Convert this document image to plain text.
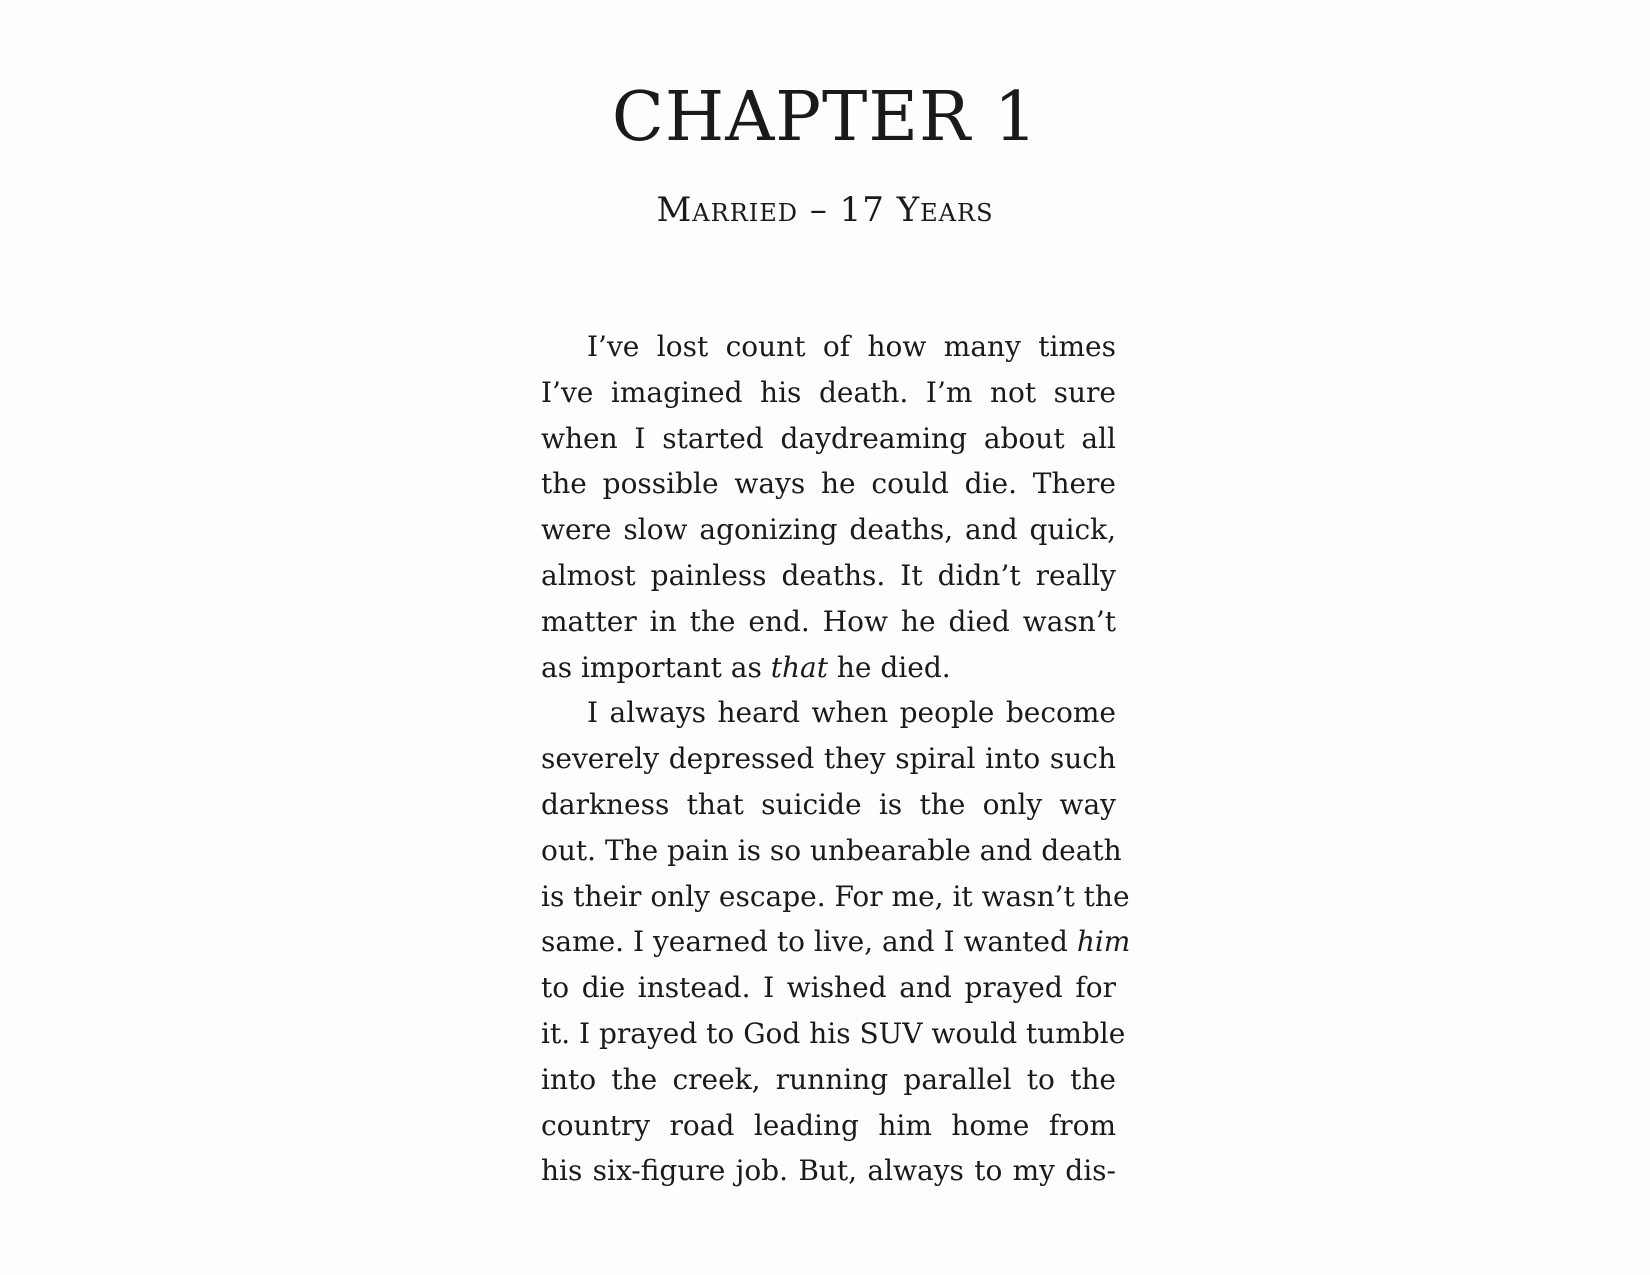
CHAPTER 1
Married – 17 Years
I’ve lost count of how many times
I’ve imagined his death. I’m not sure
when I started daydreaming about all
the possible ways he could die. There
were slow agonizing deaths, and quick,
almost painless deaths. It didn’t really
matter in the end. How he died wasn’t
as important as that he died.
I always heard when people become
severely depressed they spiral into such
darkness that suicide is the only way
out. The pain is so unbearable and death
is their only escape. For me, it wasn’t the
same. I yearned to live, and I wanted him
to die instead. I wished and prayed for
it. I prayed to God his SUV would tumble
into the creek, running parallel to the
country road leading him home from
his six-figure job. But, always to my dis-
